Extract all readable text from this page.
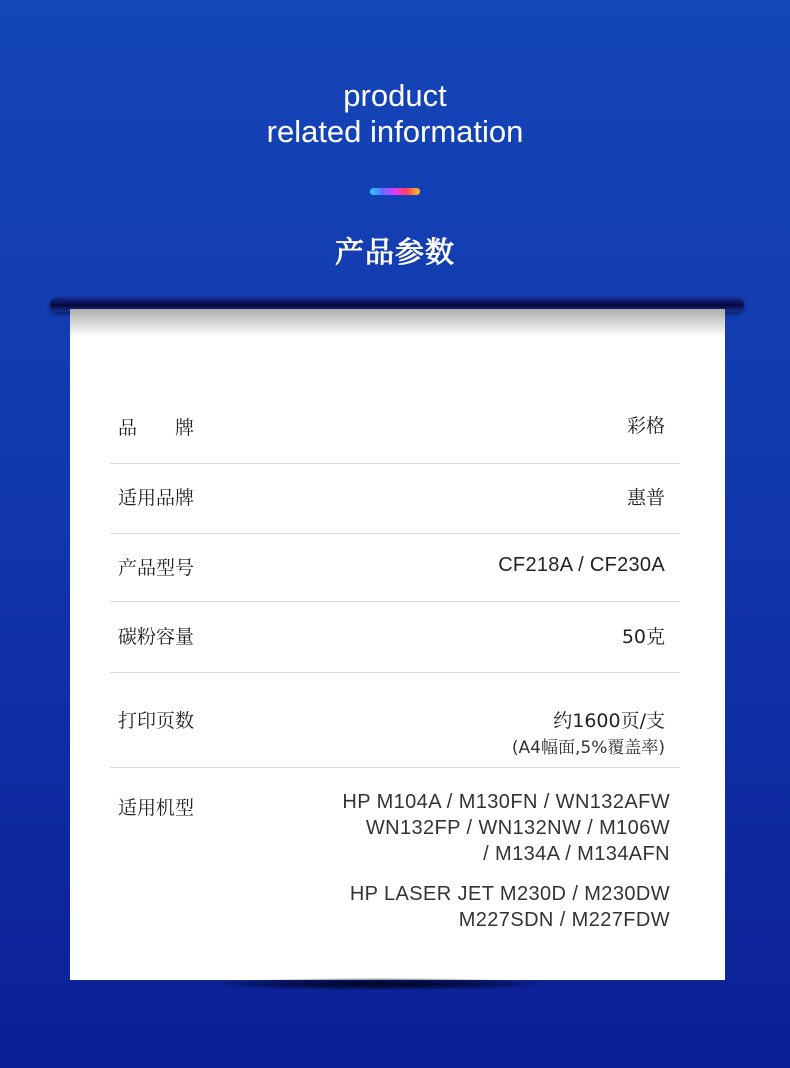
product
related information
产品参数
品　　牌	彩格
适用品牌	惠普
产品型号	CF218A / CF230A
碳粉容量	50克
打印页数	约1600页/支
(A4幅面,5%覆盖率)
适用机型	HP M104A / M130FN / WN132AFW
WN132FP / WN132NW / M106W
/ M134A / M134AFN
HP LASER JET M230D / M230DW
M227SDN / M227FDW
